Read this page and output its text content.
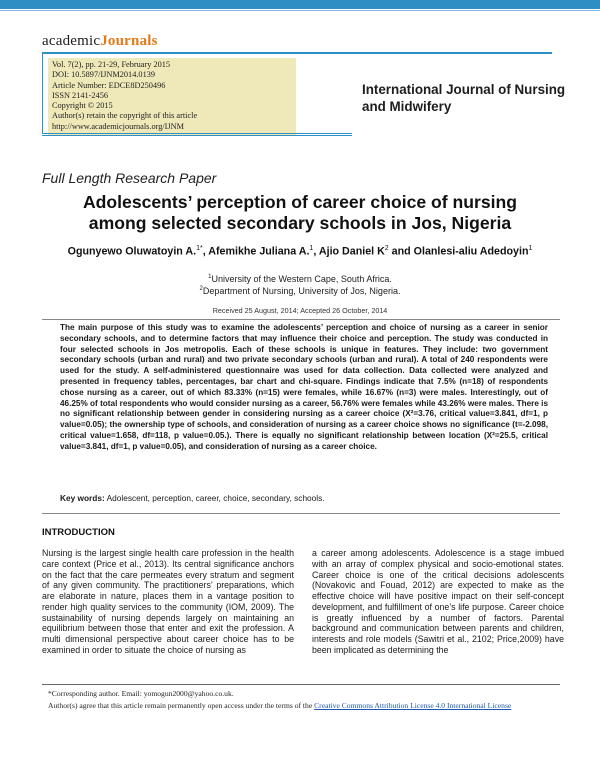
academicJournals
Vol. 7(2), pp. 21-29, February 2015
DOI: 10.5897/IJNM2014.0139
Article Number: EDCE8D250496
ISSN 2141-2456
Copyright © 2015
Author(s) retain the copyright of this article
http://www.academicjournals.org/IJNM
International Journal of Nursing
and Midwifery
Full Length Research Paper
Adolescents’ perception of career choice of nursing
among selected secondary schools in Jos, Nigeria
Ogunyewo Oluwatoyin A.$^{1*}$, Afemikhe Juliana A.$^1$, Ajio Daniel $K^2$ and Olanlesi-aliu Adedoyin$^1$
$^1$University of the Western Cape, South Africa.
$^2$Department of Nursing, University of Jos, Nigeria.
Received 25 August, 2014; Accepted 26 October, 2014
The main purpose of this study was to examine the adolescents’ perception and choice of nursing as a career in senior secondary schools, and to determine factors that may influence their choice and perception. The study was conducted in four selected schools in Jos metropolis. Each of these schools is unique in features. They include: two government secondary schools (urban and rural) and two private secondary schools (urban and rural). A total of 240 respondents were used for the study. A self-administered questionnaire was used for data collection. Data collected were analyzed and presented in frequency tables, percentages, bar chart and chi-square. Findings indicate that 7.5% (n=18) of respondents chose nursing as a career, out of which 83.33% (n=15) were females, while 16.67% (n=3) were males. Interestingly, out of 46.25% of total respondents who would consider nursing as a career, 56.76% were females while 43.26% were males. There is no significant relationship between gender in considering nursing as a career choice (X²=3.76, critical value=3.841, df=1, p value=0.05); the ownership type of schools, and consideration of nursing as a career choice shows no significance (t=-2.098, critical value=1.658, df=118, p value=0.05.). There is equally no significant relationship between location (X²=25.5, critical value=3.841, df=1, p value=0.05), and consideration of nursing as a career choice.
Key words: Adolescent, perception, career, choice, secondary, schools.
INTRODUCTION
Nursing is the largest single health care profession in the health care context (Price et al., 2013). Its central significance anchors on the fact that the care permeates every stratum and segment of any given community. The practitioners’ preparations, which are elaborate in nature, places them in a vantage position to render high quality services to the community (IOM, 2009). The sustainability of nursing depends largely on maintaining an equilibrium between those that enter and exit the profession. A multi dimensional perspective about career choice has to be examined in order to situate the choice of nursing as
a career among adolescents. Adolescence is a stage imbued with an array of complex physical and socio-emotional states. Career choice is one of the critical decisions adolescents (Novakovic and Fouad, 2012) are expected to make as the effective choice will have positive impact on their self-concept development, and fulfillment of one’s life purpose. Career choice is greatly influenced by a number of factors. Parental background and communication between parents and children, interests and role models (Sawitri et al., 2102; Price,2009) have been implicated as determining the
*Corresponding author. Email: yomogun2000@yahoo.co.uk.
Author(s) agree that this article remain permanently open access under the terms of the Creative Commons Attribution License 4.0 International License
